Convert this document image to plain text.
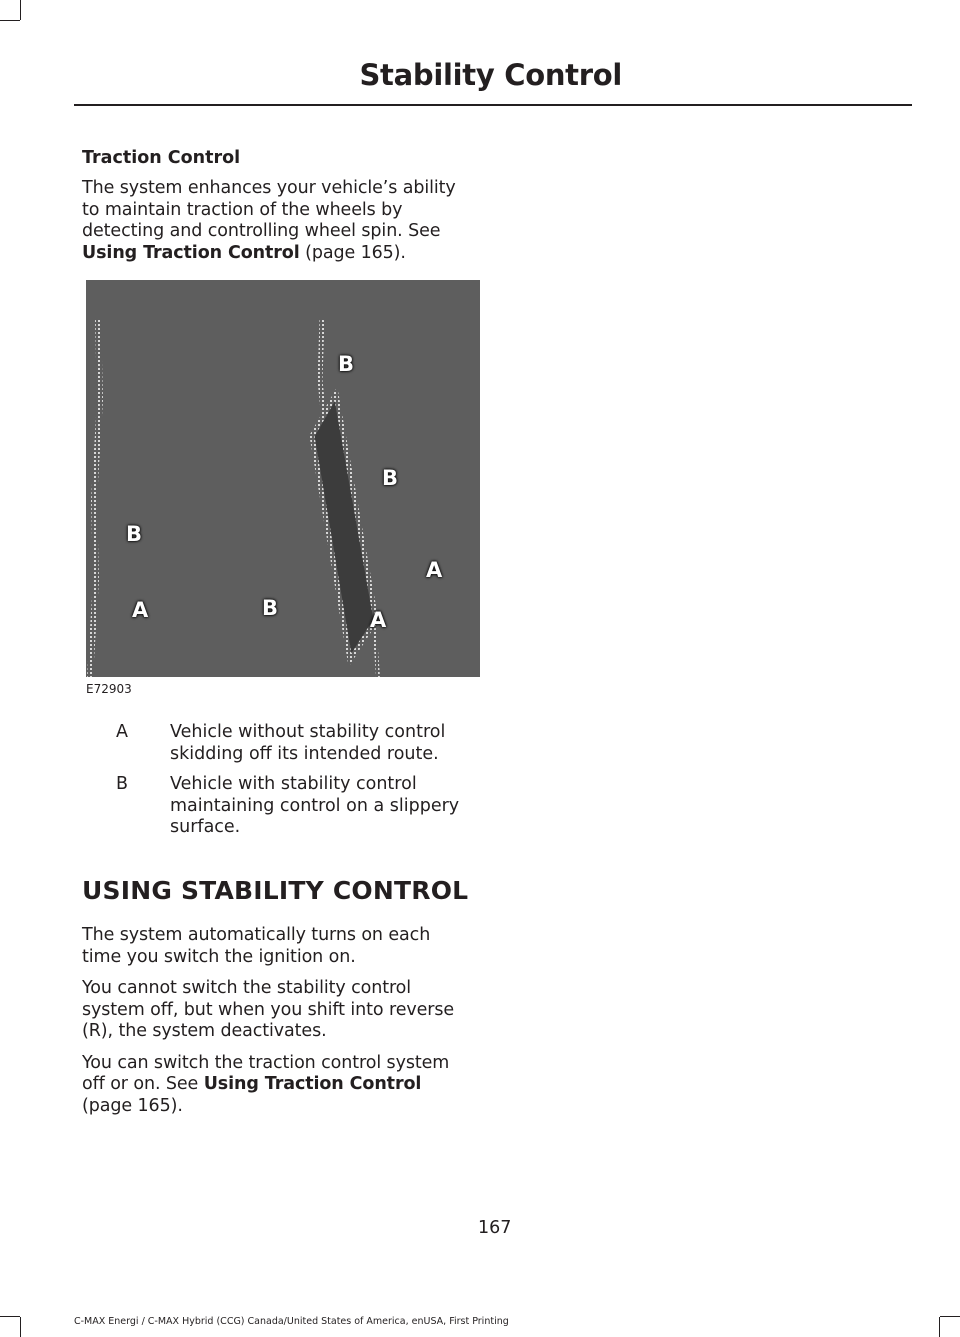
Stability Control

Traction Control

The system enhances your vehicle’s ability

to maintain traction of the wheels by

detecting and controlling wheel spin. See

Using Traction Control (page 165).

B
B
B
B
A
A	A
E72903
A Vehicle without stability control
skidding off its intended route.
B Vehicle with stability control
maintaining control on a slippery
surface.
USING STABILITY CONTROL

The system automatically turns on each

time you switch the ignition on.

You cannot switch the stability control

system off, but when you shift into reverse

(R), the system deactivates.

You can switch the traction control system

off or on. See Using Traction Control

(page 165).

167
C-MAX Energi / C-MAX Hybrid (CCG) Canada/United States of America, enUSA, First Printing
